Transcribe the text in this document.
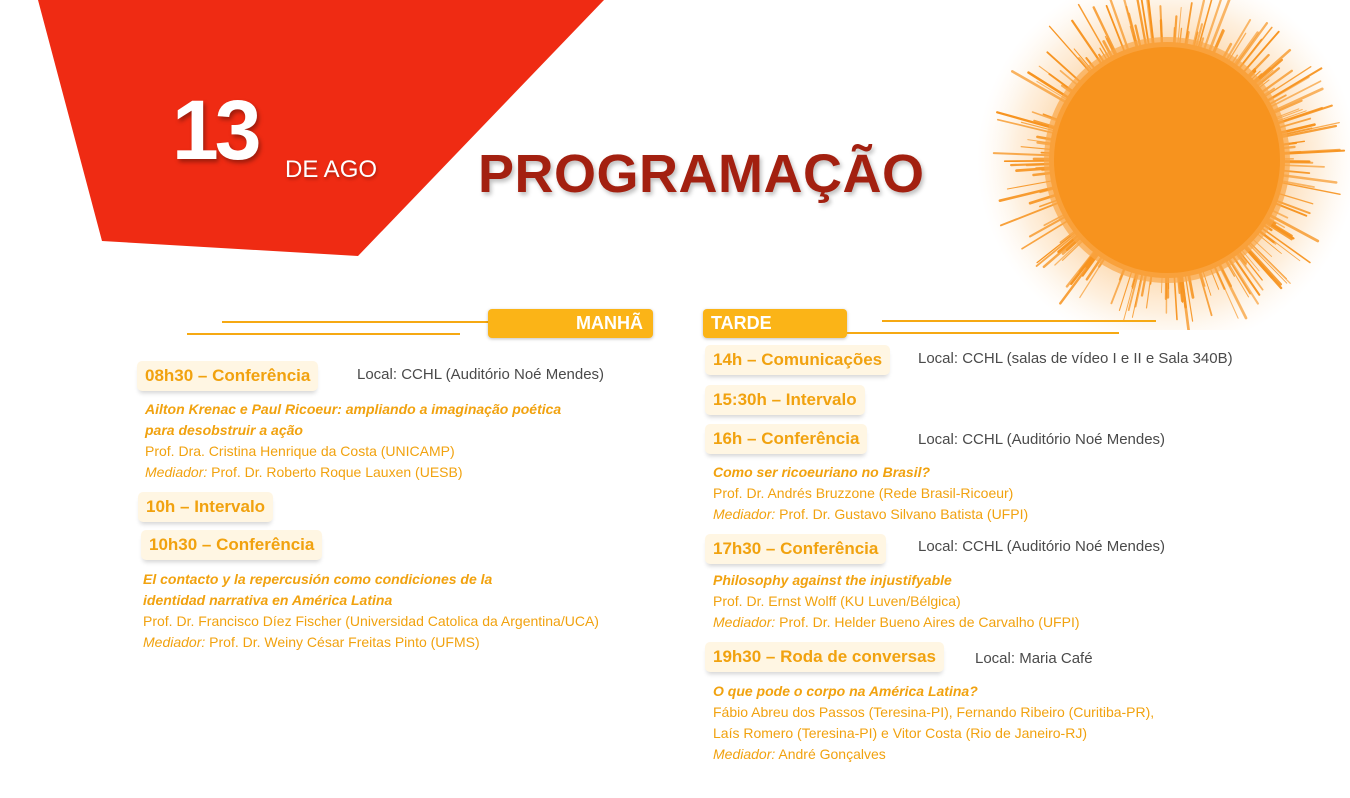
13 DE AGO PROGRAMAÇÃO
MANHÃ	TARDE
08h30 – Conferência	Local: CCHL (Auditório Noé Mendes)
Ailton Krenac e Paul Ricoeur: ampliando a imaginação poética
para desobstruir a ação
Prof. Dra. Cristina Henrique da Costa (UNICAMP)
Mediador: Prof. Dr. Roberto Roque Lauxen (UESB)
10h – Intervalo
10h30 – Conferência
El contacto y la repercusión como condiciones de la
identidad narrativa en América Latina
Prof. Dr. Francisco Díez Fischer (Universidad Catolica da Argentina/UCA)
Mediador: Prof. Dr. Weiny César Freitas Pinto (UFMS)
14h – Comunicações	Local: CCHL (salas de vídeo I e II e Sala 340B)
15:30h – Intervalo
16h – Conferência	Local: CCHL (Auditório Noé Mendes)
Como ser ricoeuriano no Brasil?
Prof. Dr. Andrés Bruzzone (Rede Brasil-Ricoeur)
Mediador: Prof. Dr. Gustavo Silvano Batista (UFPI)
17h30 – Conferência	Local: CCHL (Auditório Noé Mendes)
Philosophy against the injustifyable
Prof. Dr. Ernst Wolff (KU Luven/Bélgica)
Mediador: Prof. Dr. Helder Bueno Aires de Carvalho (UFPI)
19h30 – Roda de conversas	Local: Maria Café
O que pode o corpo na América Latina?
Fábio Abreu dos Passos (Teresina-PI), Fernando Ribeiro (Curitiba-PR),
Laís Romero (Teresina-PI) e Vitor Costa (Rio de Janeiro-RJ)
Mediador: André Gonçalves
